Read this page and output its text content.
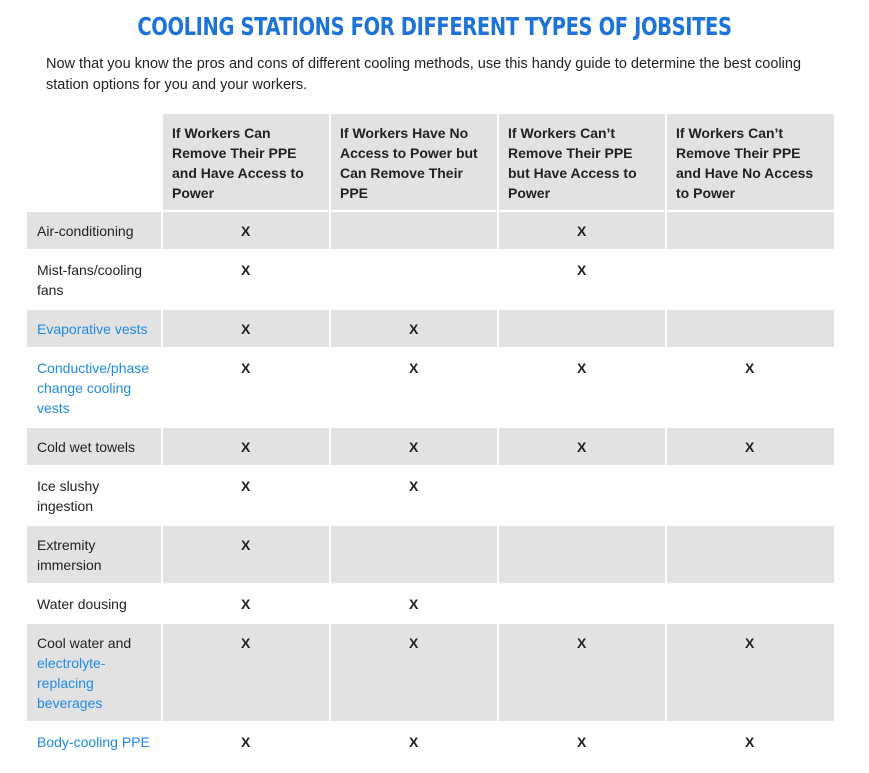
COOLING STATIONS FOR DIFFERENT TYPES OF JOBSITES
Now that you know the pros and cons of different cooling methods, use this handy guide to determine the best cooling station options for you and your workers.
	If Workers Can Remove Their PPE and Have Access to Power	If Workers Have No Access to Power but Can Remove Their PPE	If Workers Can’t Remove Their PPE but Have Access to Power	If Workers Can’t Remove Their PPE and Have No Access to Power
Air-conditioning	X		X	
Mist-fans/cooling fans	X		X	
Evaporative vests	X	X		
Conductive/phase change cooling vests	X	X	X	X
Cold wet towels	X	X	X	X
Ice slushy ingestion	X	X		
Extremity immersion	X			
Water dousing	X	X		
Cool water and electrolyte-replacing beverages	X	X	X	X
Body-cooling PPE	X	X	X	X
